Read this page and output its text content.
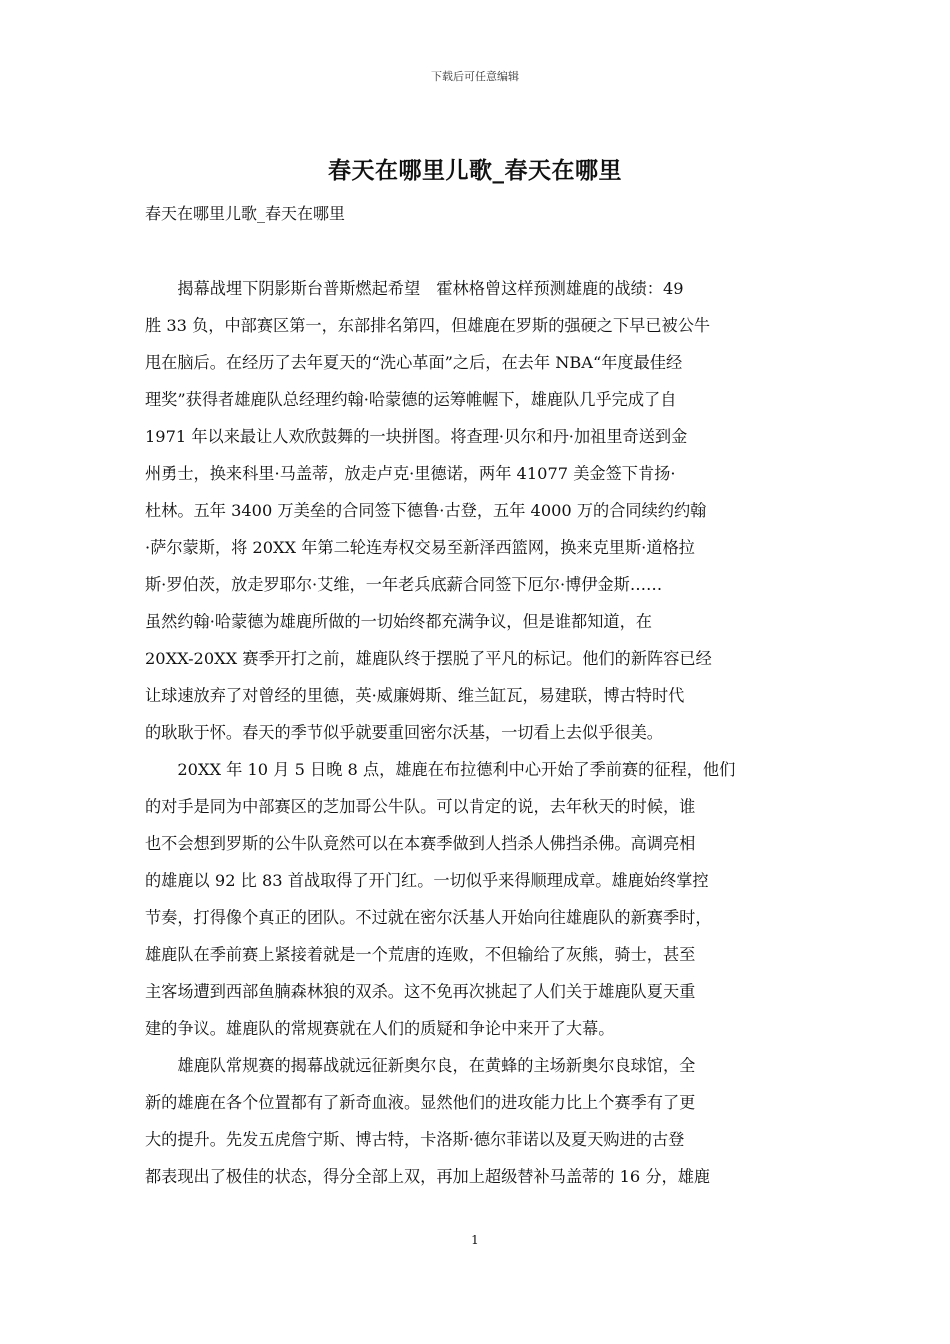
下载后可任意编辑
春天在哪里儿歌_春天在哪里
春天在哪里儿歌_春天在哪里
　　揭幕战埋下阴影斯台普斯燃起希望　霍林格曾这样预测雄鹿的战绩：49
胜 33 负，中部赛区第一，东部排名第四，但雄鹿在罗斯的强硬之下早已被公牛
甩在脑后。在经历了去年夏天的“洗心革面”之后，在去年 NBA“年度最佳经
理奖”获得者雄鹿队总经理约翰·哈蒙德的运筹帷幄下，雄鹿队几乎完成了自
1971 年以来最让人欢欣鼓舞的一块拼图。将查理·贝尔和丹·加祖里奇送到金
州勇士，换来科里·马盖蒂，放走卢克·里德诺，两年 41077 美金签下肯扬·
杜林。五年 3400 万美垒的合同签下德鲁·古登，五年 4000 万的合同续约约翰
·萨尔蒙斯，将 20XX 年第二轮连寿权交易至新泽西篮网，换来克里斯·道格拉
斯·罗伯茨，放走罗耶尔·艾维，一年老兵底薪合同签下厄尔·博伊金斯……
虽然约翰·哈蒙德为雄鹿所做的一切始终都充满争议，但是谁都知道，在
20XX-20XX 赛季开打之前，雄鹿队终于摆脱了平凡的标记。他们的新阵容已经
让球速放弃了对曾经的里德，英·威廉姆斯、维兰缸瓦，易建联，博古特时代
的耿耿于怀。春天的季节似乎就要重回密尔沃基，一切看上去似乎很美。
　　20XX 年 10 月 5 日晚 8 点，雄鹿在布拉德利中心开始了季前赛的征程，他们
的对手是同为中部赛区的芝加哥公牛队。可以肯定的说，去年秋天的时候，谁
也不会想到罗斯的公牛队竟然可以在本赛季做到人挡杀人佛挡杀佛。高调亮相
的雄鹿以 92 比 83 首战取得了开门红。一切似乎来得顺理成章。雄鹿始终掌控
节奏，打得像个真正的团队。不过就在密尔沃基人开始向往雄鹿队的新赛季时，
雄鹿队在季前赛上紧接着就是一个荒唐的连败，不但输给了灰熊，骑士，甚至
主客场遭到西部鱼腩森林狼的双杀。这不免再次挑起了人们关于雄鹿队夏天重
建的争议。雄鹿队的常规赛就在人们的质疑和争论中来开了大幕。
　　雄鹿队常规赛的揭幕战就远征新奥尔良，在黄蜂的主场新奥尔良球馆，全
新的雄鹿在各个位置都有了新奇血液。显然他们的进攻能力比上个赛季有了更
大的提升。先发五虎詹宁斯、博古特，卡洛斯·德尔菲诺以及夏天购进的古登
都表现出了极佳的状态，得分全部上双，再加上超级替补马盖蒂的 16 分，雄鹿
1
